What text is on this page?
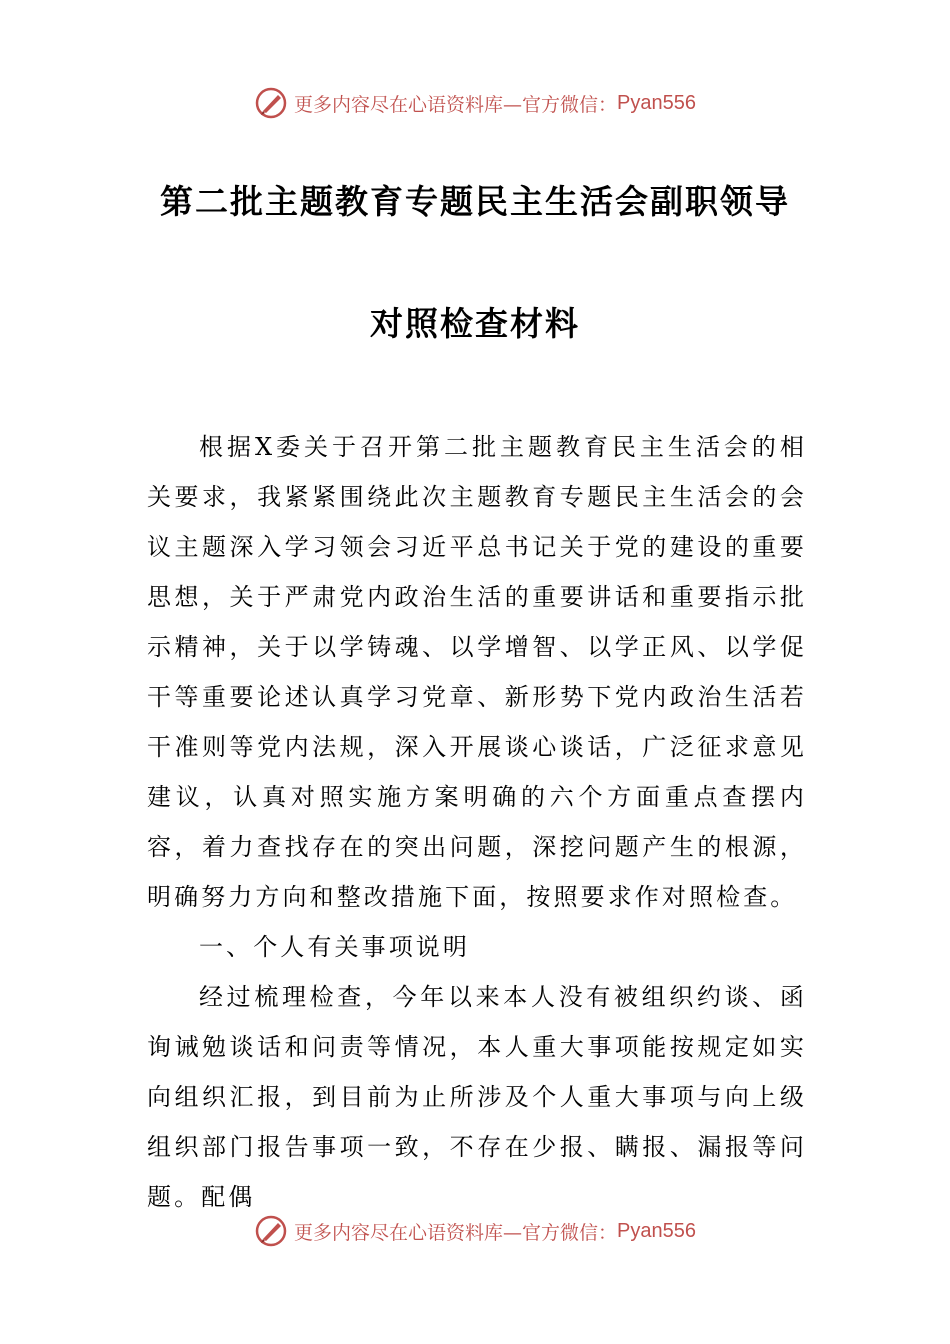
更多内容尽在心语资料库—官方微信： Pyan556
第二批主题教育专题民主生活会副职领导
对照检查材料

根据X委关于召开第二批主题教育民主生活会的相关要求，我紧紧围绕此次主题教育专题民主生活会的会议主题深入学习领会习近平总书记关于党的建设的重要思想，关于严肃党内政治生活的重要讲话和重要指示批示精神，关于以学铸魂、以学增智、以学正风、以学促干等重要论述认真学习党章、新形势下党内政治生活若干准则等党内法规，深入开展谈心谈话，广泛征求意见建议，认真对照实施方案明确的六个方面重点查摆内容，着力查找存在的突出问题，深挖问题产生的根源，明确努力方向和整改措施下面，按照要求作对照检查。

一、个人有关事项说明

经过梳理检查，今年以来本人没有被组织约谈、函询诫勉谈话和问责等情况，本人重大事项能按规定如实向组织汇报，到目前为止所涉及个人重大事项与向上级组织部门报告事项一致，不存在少报、瞒报、漏报等问题。配偶

更多内容尽在心语资料库—官方微信： Pyan556
